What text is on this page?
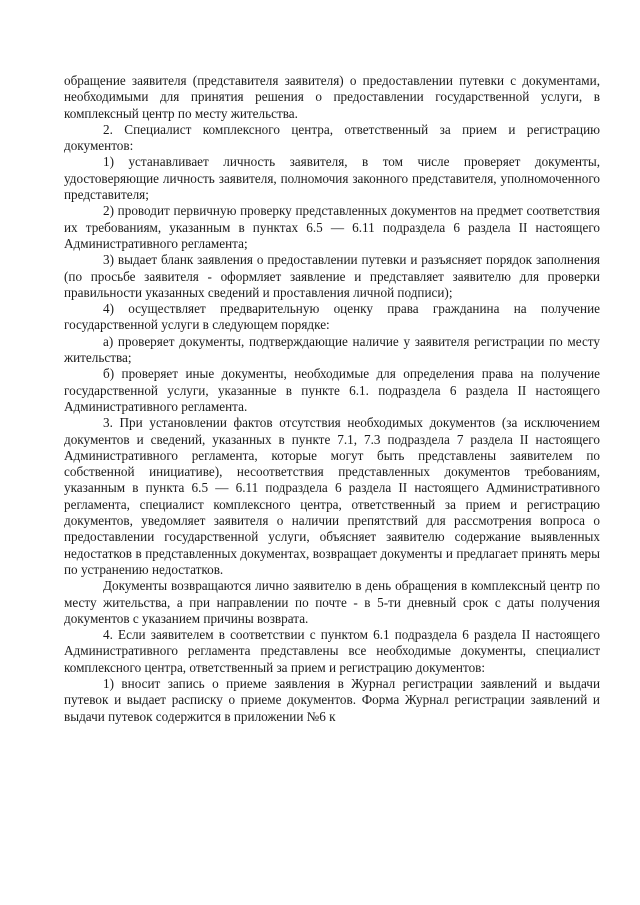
обращение заявителя (представителя заявителя) о предоставлении путевки с документами, необходимыми для принятия решения о предоставлении государственной услуги, в комплексный центр по месту жительства.

2. Специалист комплексного центра, ответственный за прием и регистрацию документов:

1) устанавливает личность заявителя, в том числе проверяет документы, удостоверяющие личность заявителя, полномочия законного представителя, уполномоченного представителя;

2) проводит первичную проверку представленных документов на предмет соответствия их требованиям, указанным в пунктах 6.5 — 6.11 подраздела 6 раздела II настоящего Административного регламента;

3) выдает бланк заявления о предоставлении путевки и разъясняет порядок заполнения (по просьбе заявителя - оформляет заявление и представляет заявителю для проверки правильности указанных сведений и проставления личной подписи);

4) осуществляет предварительную оценку права гражданина на получение государственной услуги в следующем порядке:

а) проверяет документы, подтверждающие наличие у заявителя регистрации по месту жительства;

б) проверяет иные документы, необходимые для определения права на получение государственной услуги, указанные в пункте 6.1. подраздела 6 раздела II настоящего Административного регламента.

3. При установлении фактов отсутствия необходимых документов (за исключением документов и сведений, указанных в пункте 7.1, 7.3 подраздела 7 раздела II настоящего Административного регламента, которые могут быть представлены заявителем по собственной инициативе), несоответствия представленных документов требованиям, указанным в пункта 6.5 — 6.11 подраздела 6 раздела II настоящего Административного регламента, специалист комплексного центра, ответственный за прием и регистрацию документов, уведомляет заявителя о наличии препятствий для рассмотрения вопроса о предоставлении государственной услуги, объясняет заявителю содержание выявленных недостатков в представленных документах, возвращает документы и предлагает принять меры по устранению недостатков.

Документы возвращаются лично заявителю в день обращения в комплексный центр по месту жительства, а при направлении по почте - в 5-ти дневный срок с даты получения документов с указанием причины возврата.

4. Если заявителем в соответствии с пунктом 6.1 подраздела 6 раздела II настоящего Административного регламента представлены все необходимые документы, специалист комплексного центра, ответственный за прием и регистрацию документов:

1) вносит запись о приеме заявления в Журнал регистрации заявлений и выдачи путевок и выдает расписку о приеме документов. Форма Журнал регистрации заявлений и выдачи путевок содержится в приложении №6 к
